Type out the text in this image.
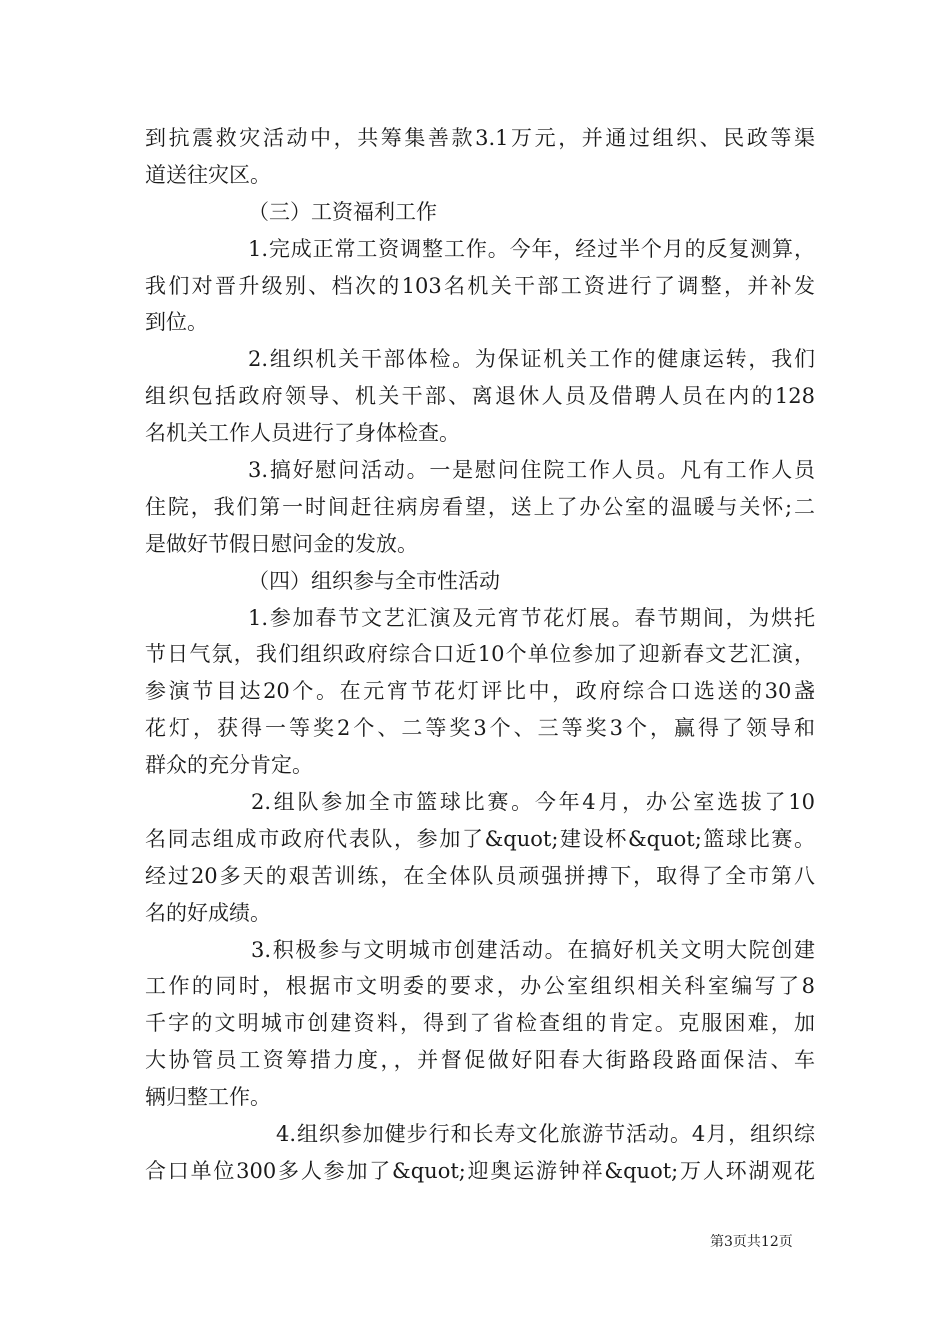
到抗震救灾活动中，共筹集善款3.1万元，并通过组织、民政等渠
道送往灾区。
（三）工资福利工作
1.完成正常工资调整工作。今年，经过半个月的反复测算，
我们对晋升级别、档次的103名机关干部工资进行了调整，并补发
到位。
2.组织机关干部体检。为保证机关工作的健康运转，我们
组织包括政府领导、机关干部、离退休人员及借聘人员在内的128
名机关工作人员进行了身体检查。
3.搞好慰问活动。一是慰问住院工作人员。凡有工作人员
住院，我们第一时间赶往病房看望，送上了办公室的温暖与关怀;二
是做好节假日慰问金的发放。
（四）组织参与全市性活动
1.参加春节文艺汇演及元宵节花灯展。春节期间，为烘托
节日气氛，我们组织政府综合口近10个单位参加了迎新春文艺汇演，
参演节目达20个。在元宵节花灯评比中，政府综合口选送的30盏
花灯，获得一等奖2个、二等奖3个、三等奖3个，赢得了领导和
群众的充分肯定。
2.组队参加全市篮球比赛。今年4月，办公室选拔了10
名同志组成市政府代表队，参加了&quot;建设杯&quot;篮球比赛。
经过20多天的艰苦训练，在全体队员顽强拼搏下，取得了全市第八
名的好成绩。
3.积极参与文明城市创建活动。在搞好机关文明大院创建
工作的同时，根据市文明委的要求，办公室组织相关科室编写了8
千字的文明城市创建资料，得到了省检查组的肯定。克服困难，加
大协管员工资筹措力度，，并督促做好阳春大街路段路面保洁、车
辆归整工作。
4.组织参加健步行和长寿文化旅游节活动。4月，组织综
合口单位300多人参加了&quot;迎奥运游钟祥&quot;万人环湖观花
第3页共12页
